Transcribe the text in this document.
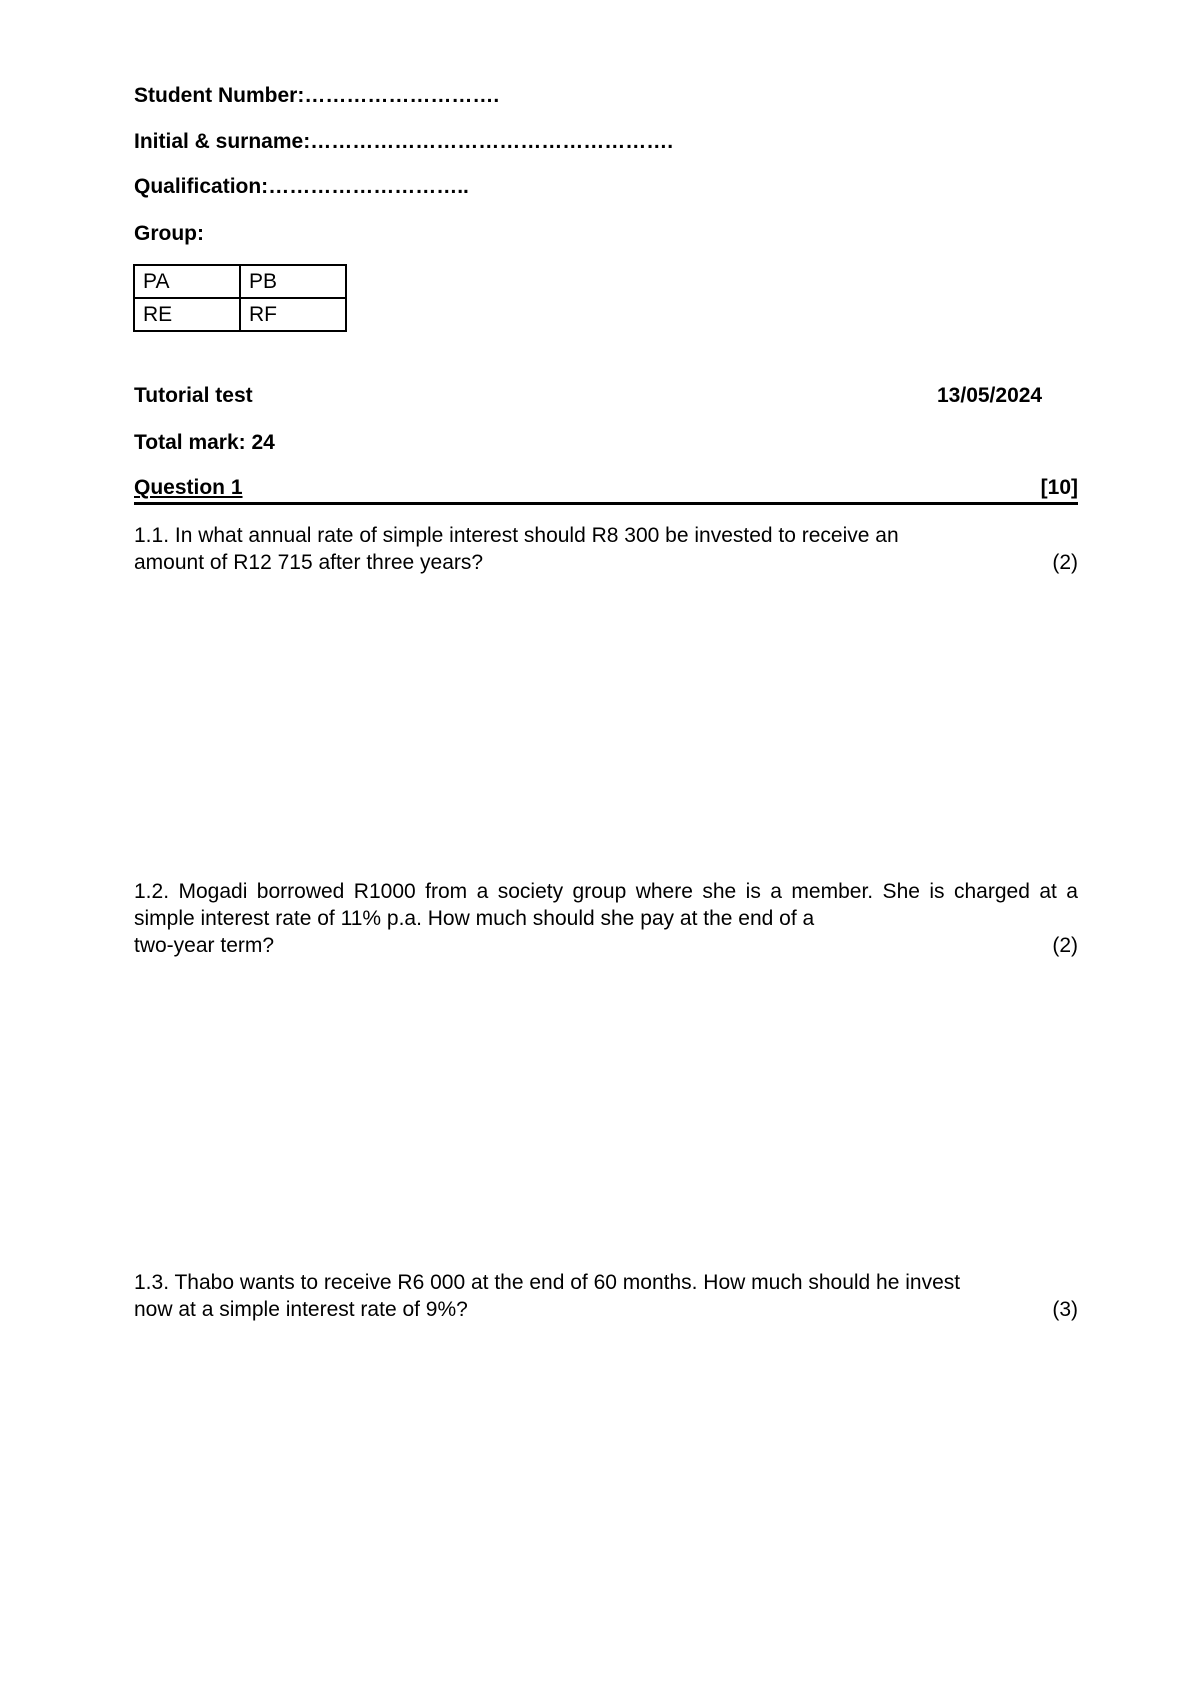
Student Number:……………………….
Initial & surname:…………………………………………….
Qualification:………………………..
Group:
PA	PB
RE	RF
Tutorial test	13/05/2024
Total mark: 24
Question 1	[10]
1.1. In what annual rate of simple interest should R8 300 be invested to receive an
amount of R12 715 after three years?	(2)
1.2. Mogadi borrowed R1000 from a society group where she is a member. She is charged at a simple interest rate of 11% p.a. How much should she pay at the end of a
two-year term?	(2)
1.3. Thabo wants to receive R6 000 at the end of 60 months. How much should he invest
now at a simple interest rate of 9%?	(3)
